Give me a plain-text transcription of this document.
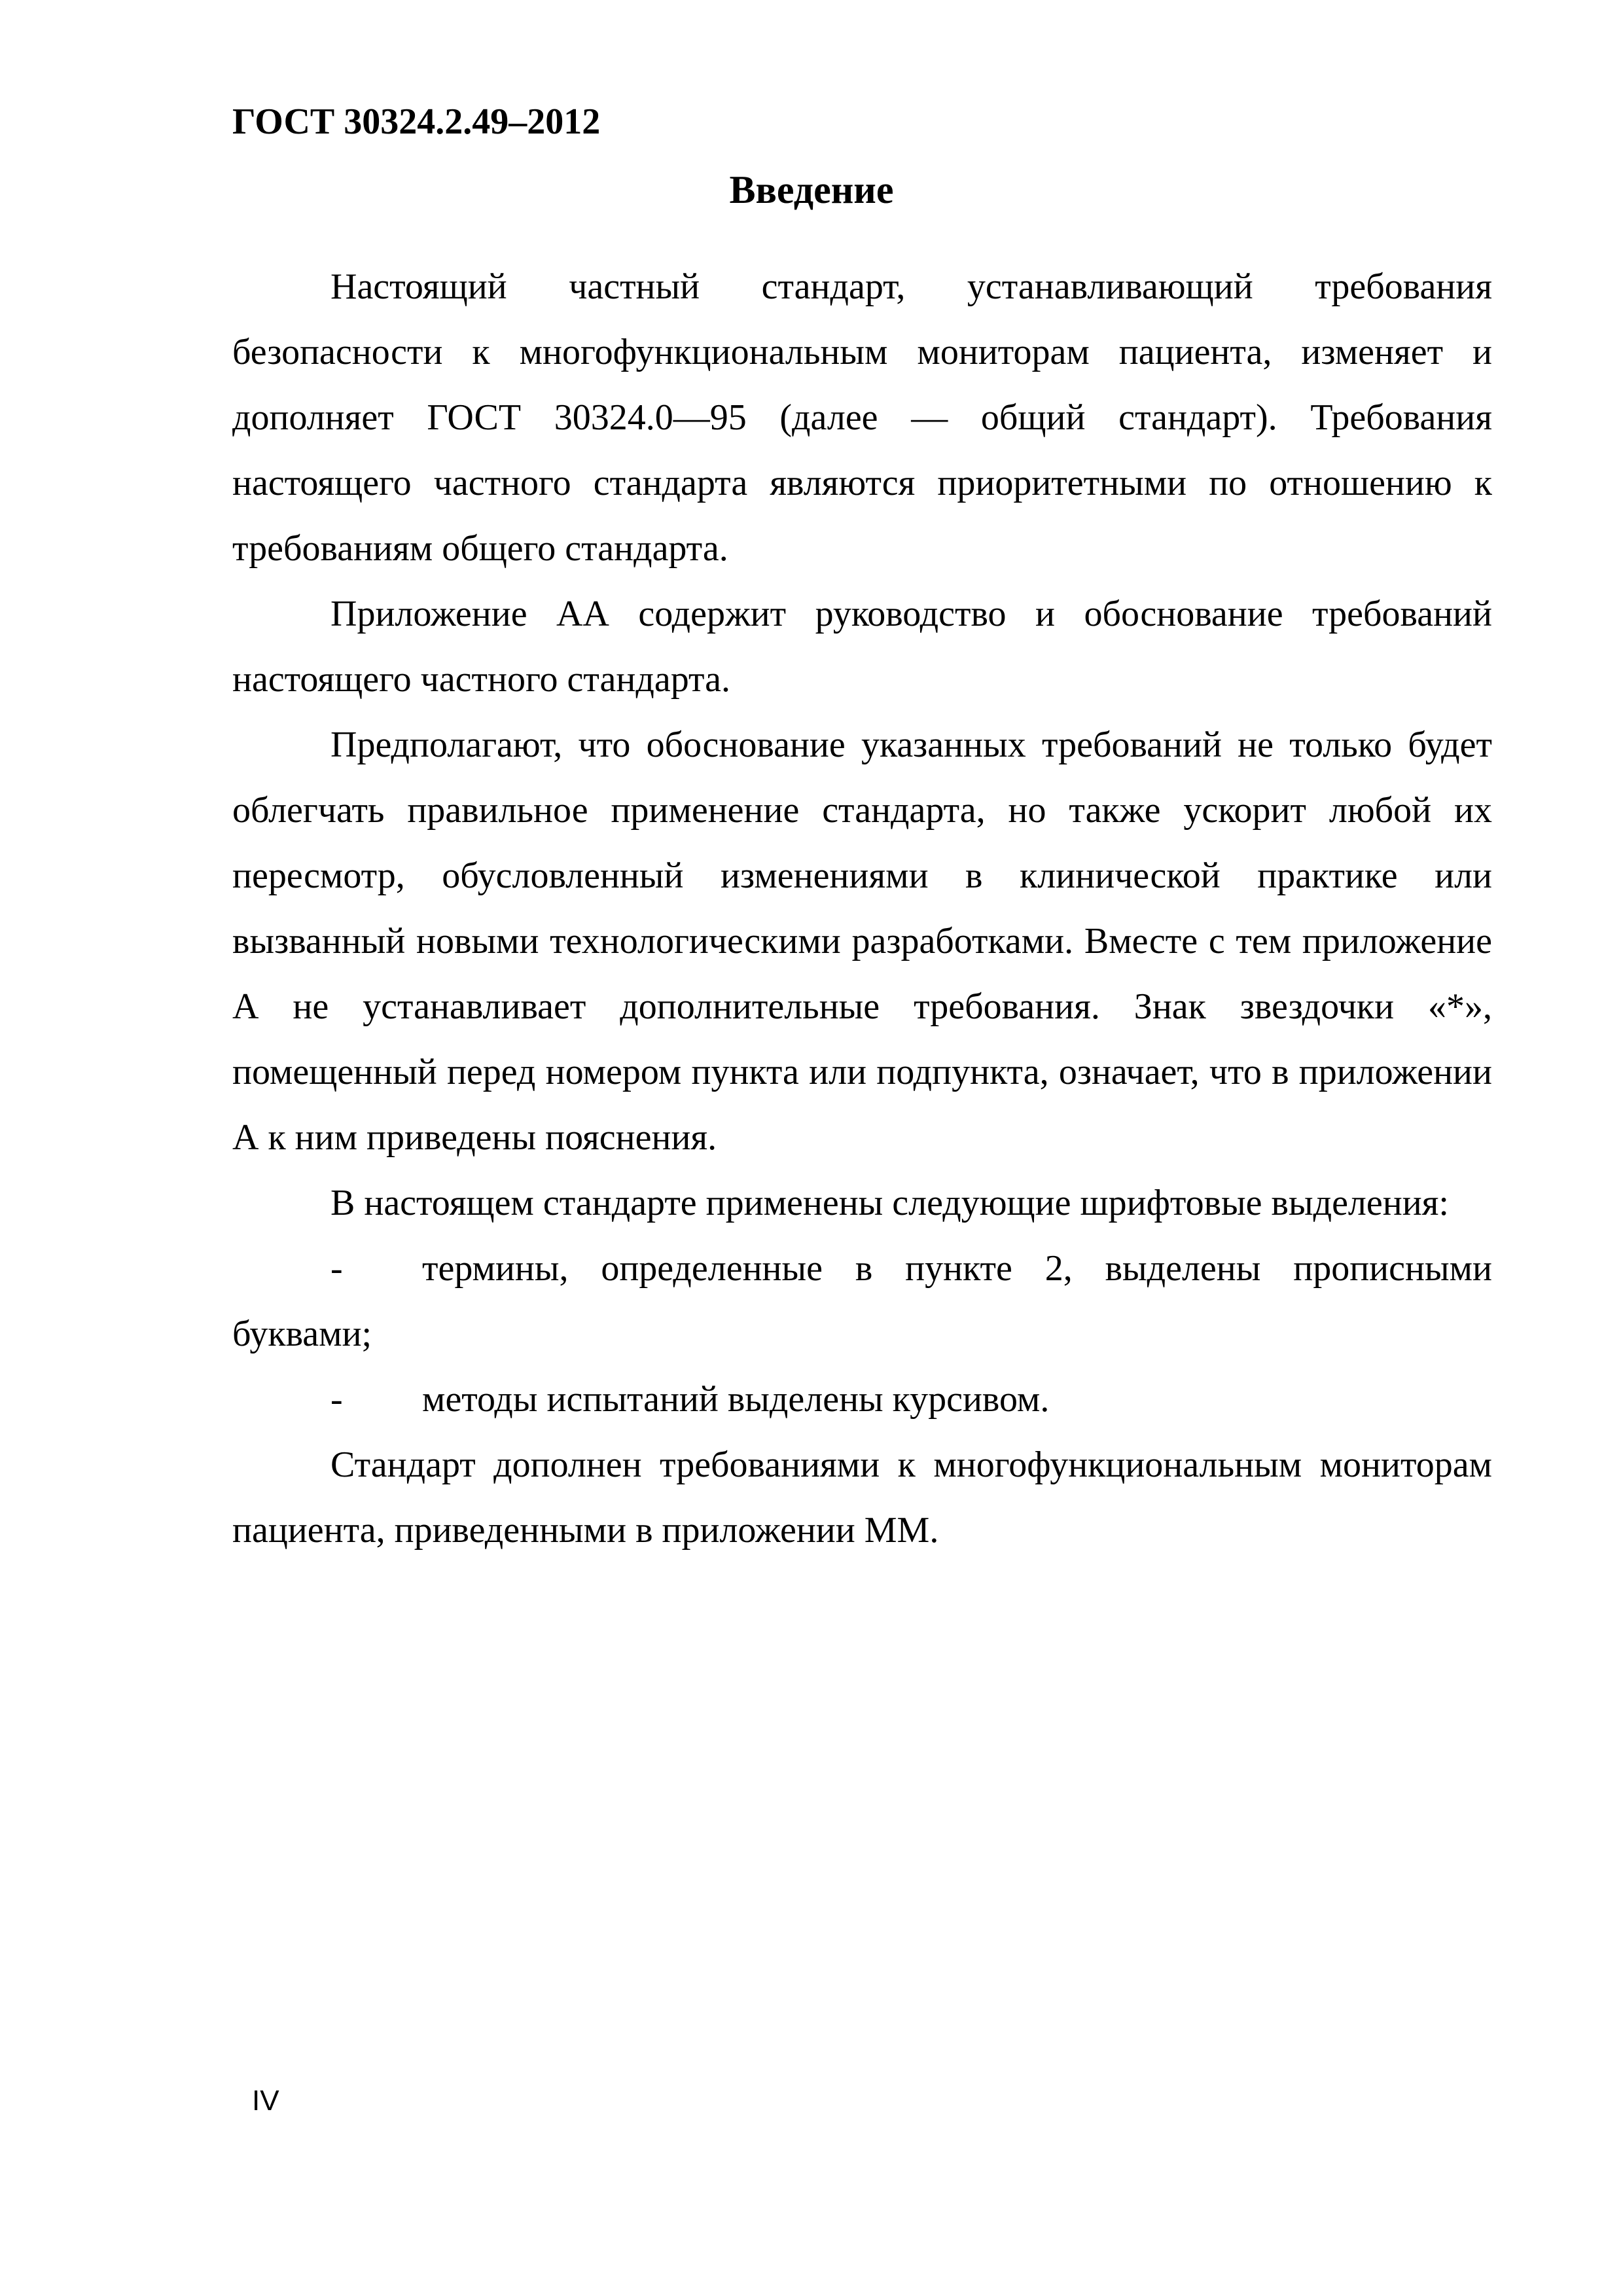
ГОСТ 30324.2.49–2012
Введение

Настоящий частный стандарт, устанавливающий требования безопасности к многофункциональным мониторам пациента, изменяет и дополняет ГОСТ 30324.0—95 (далее — общий стандарт). Требования настоящего частного стандарта являются приоритетными по отношению к требованиям общего стандарта.

Приложение АА содержит руководство и обоснование требований настоящего частного стандарта.

Предполагают, что обоснование указанных требований не только будет облегчать правильное применение стандарта, но также ускорит любой их пересмотр, обусловленный изменениями в клинической практике или вызванный новыми технологическими разработками. Вместе с тем приложение А не устанавливает дополнительные требования. Знак звездочки «*», помещенный перед номером пункта или подпункта, означает, что в приложении А к ним приведены пояснения.

В настоящем стандарте применены следующие шрифтовые выделения:

- термины, определенные в пункте 2, выделены прописными буквами;

- методы испытаний выделены курсивом.

Стандарт дополнен требованиями к многофункциональным мониторам пациента, приведенными в приложении ММ.

IV
